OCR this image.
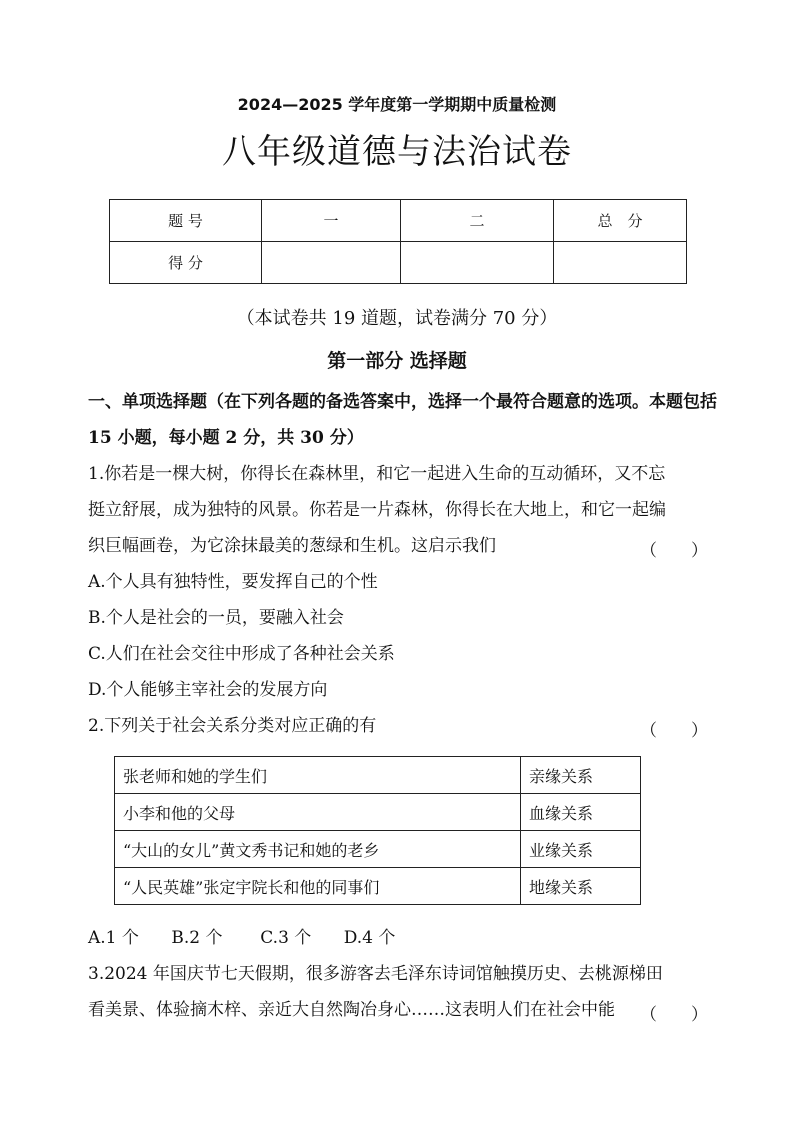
2024—2025 学年度第一学期期中质量检测
八年级道德与法治试卷
题 号	一	二	总　分
得 分			
（本试卷共 19 道题，试卷满分 70 分）
第一部分 选择题
一、单项选择题（在下列各题的备选答案中，选择一个最符合题意的选项。本题包括 15 小题，每小题 2 分，共 30 分）
1.你若是一棵大树，你得长在森林里，和它一起进入生命的互动循环，又不忘
挺立舒展，成为独特的风景。你若是一片森林，你得长在大地上，和它一起编
织巨幅画卷，为它涂抹最美的葱绿和生机。这启示我们	（　　）
A.个人具有独特性，要发挥自己的个性
B.个人是社会的一员，要融入社会
C.人们在社会交往中形成了各种社会关系
D.个人能够主宰社会的发展方向
2.下列关于社会关系分类对应正确的有	（　　）
张老师和她的学生们	亲缘关系
小李和他的父母	血缘关系
“大山的女儿”黄文秀书记和她的老乡	业缘关系
“人民英雄”张定宇院长和他的同事们	地缘关系
A.1 个      B.2 个       C.3 个      D.4 个
3.2024 年国庆节七天假期，很多游客去毛泽东诗词馆触摸历史、去桃源梯田
看美景、体验摘木梓、亲近大自然陶冶身心……这表明人们在社会中能	（　　）
